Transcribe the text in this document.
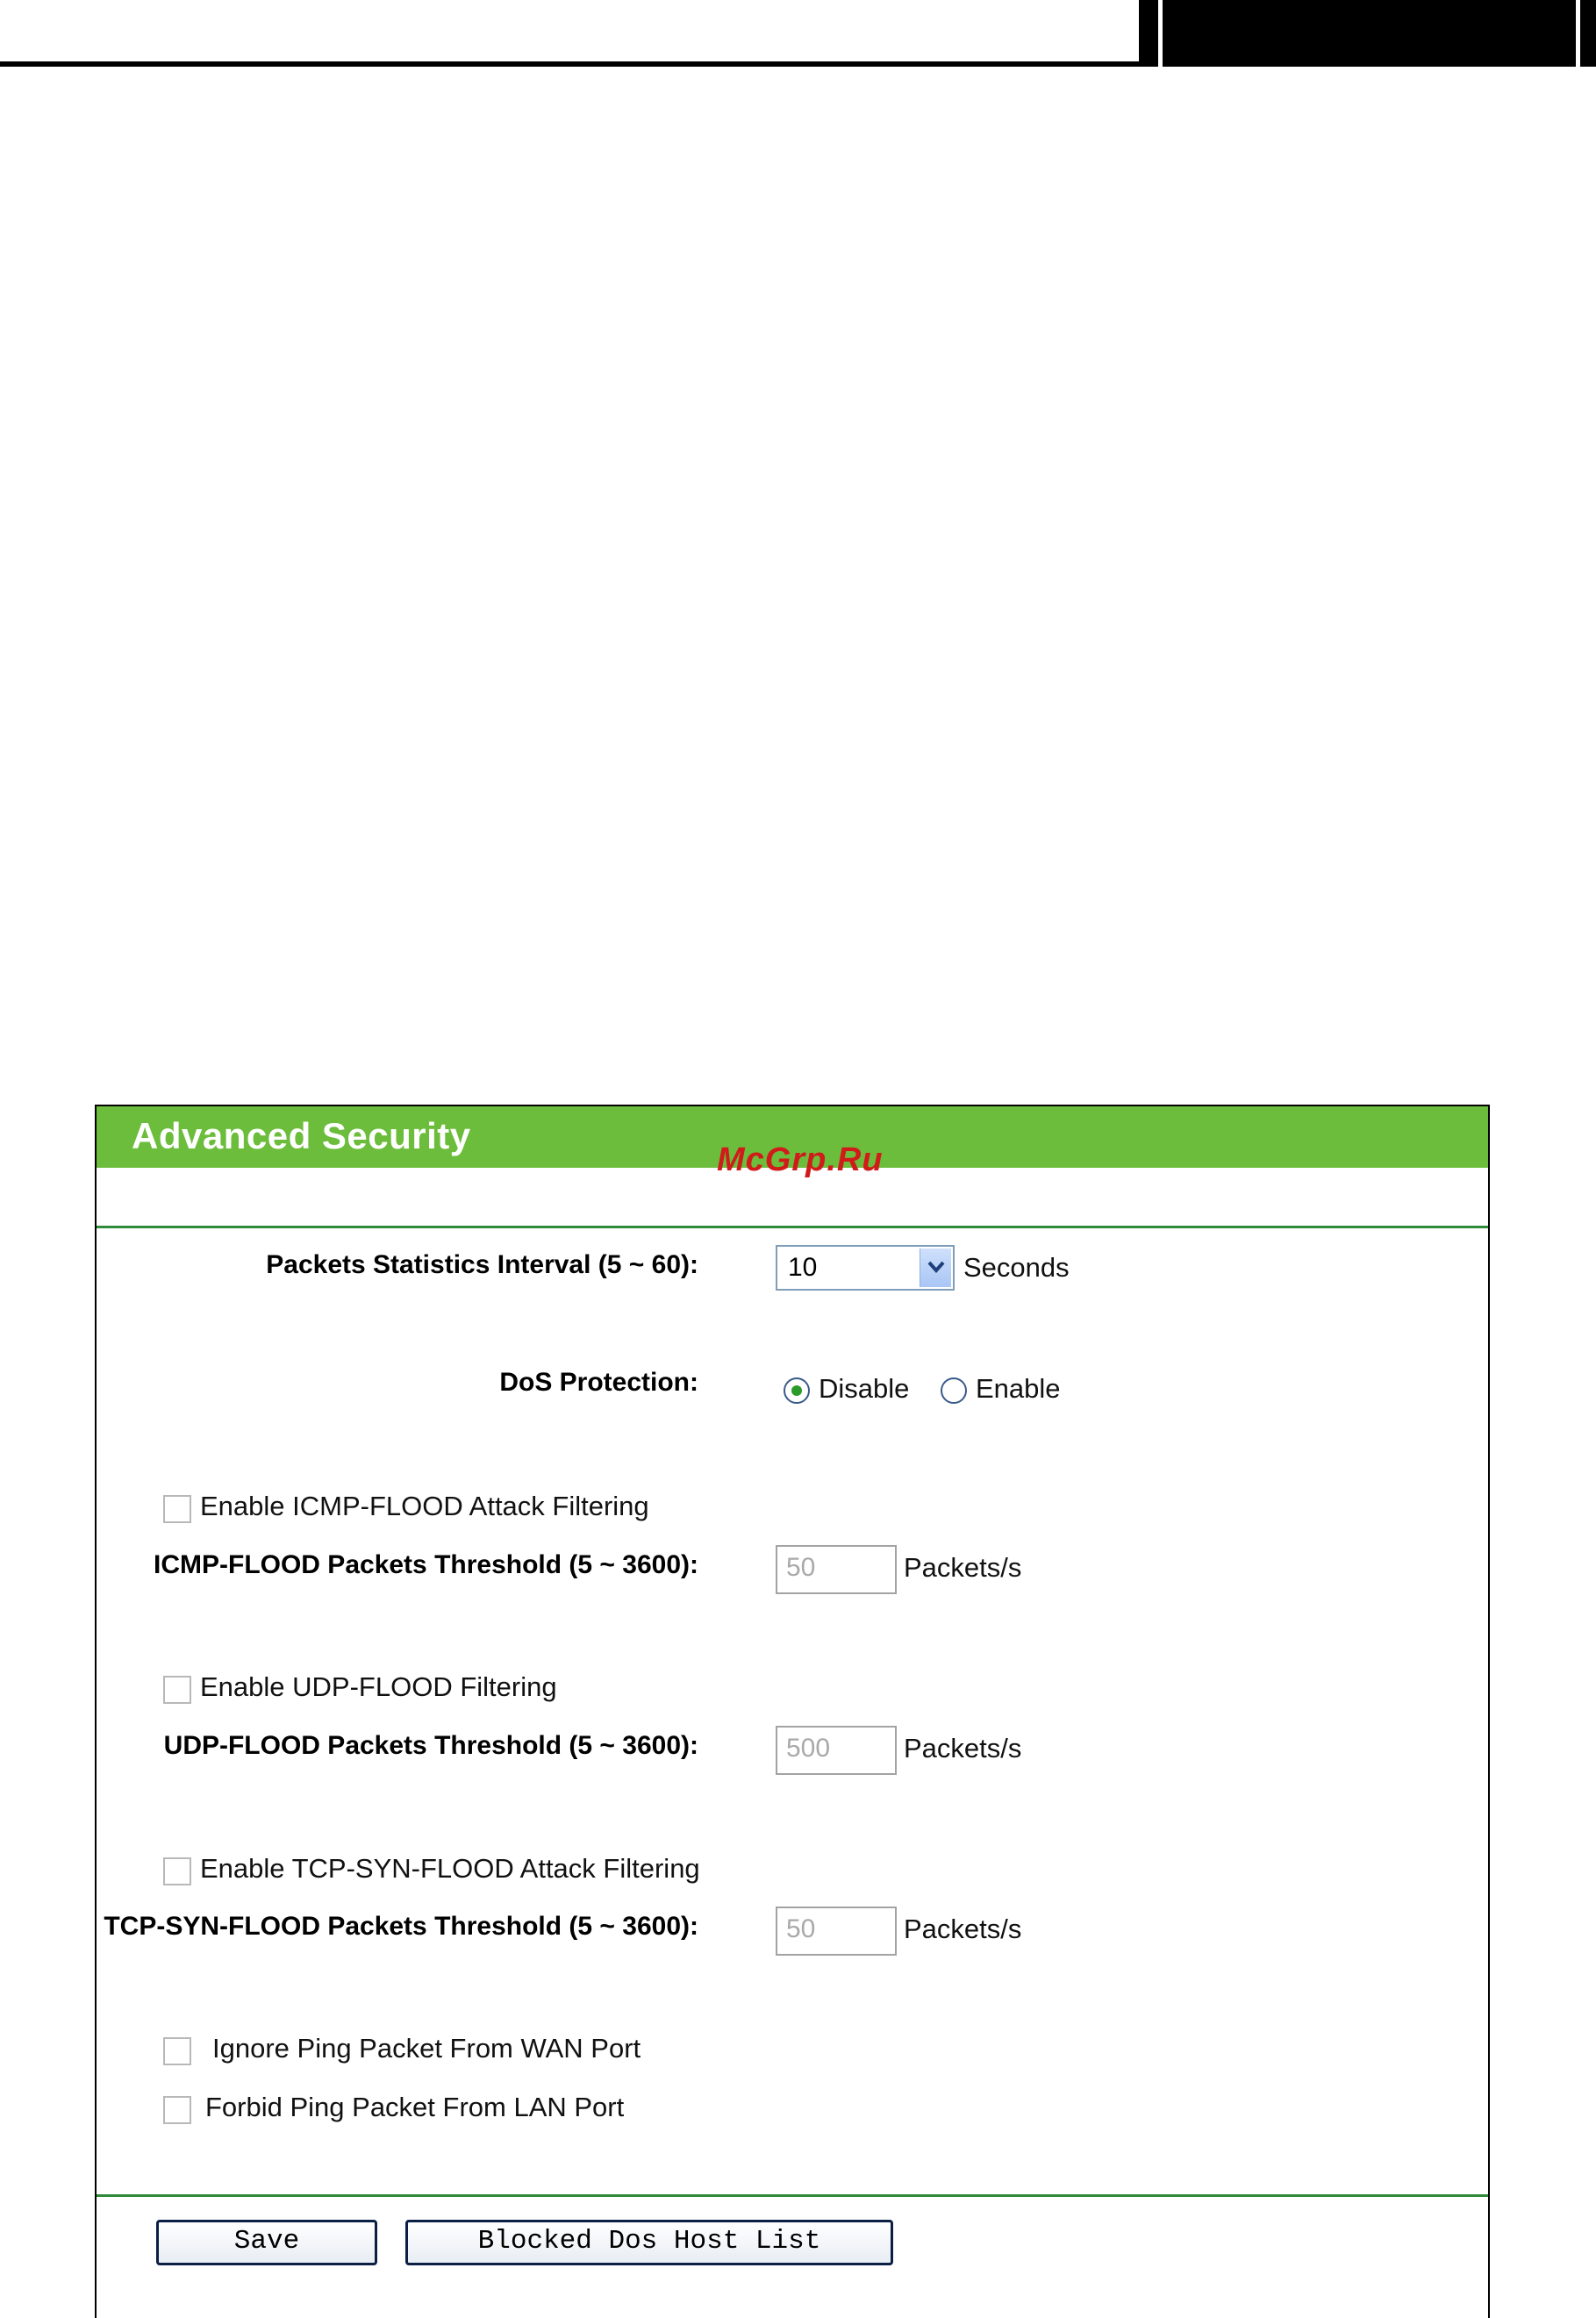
Advanced Security
McGrp.Ru
Packets Statistics Interval (5 ~ 60):	10	Seconds
DoS Protection:	Disable Enable
Enable ICMP-FLOOD Attack Filtering
ICMP-FLOOD Packets Threshold (5 ~ 3600):	50	Packets/s
Enable UDP-FLOOD Filtering
UDP-FLOOD Packets Threshold (5 ~ 3600):	500	Packets/s
Enable TCP-SYN-FLOOD Attack Filtering
TCP-SYN-FLOOD Packets Threshold (5 ~ 3600):	50	Packets/s
Ignore Ping Packet From WAN Port
Forbid Ping Packet From LAN Port
Save	Blocked Dos Host List
